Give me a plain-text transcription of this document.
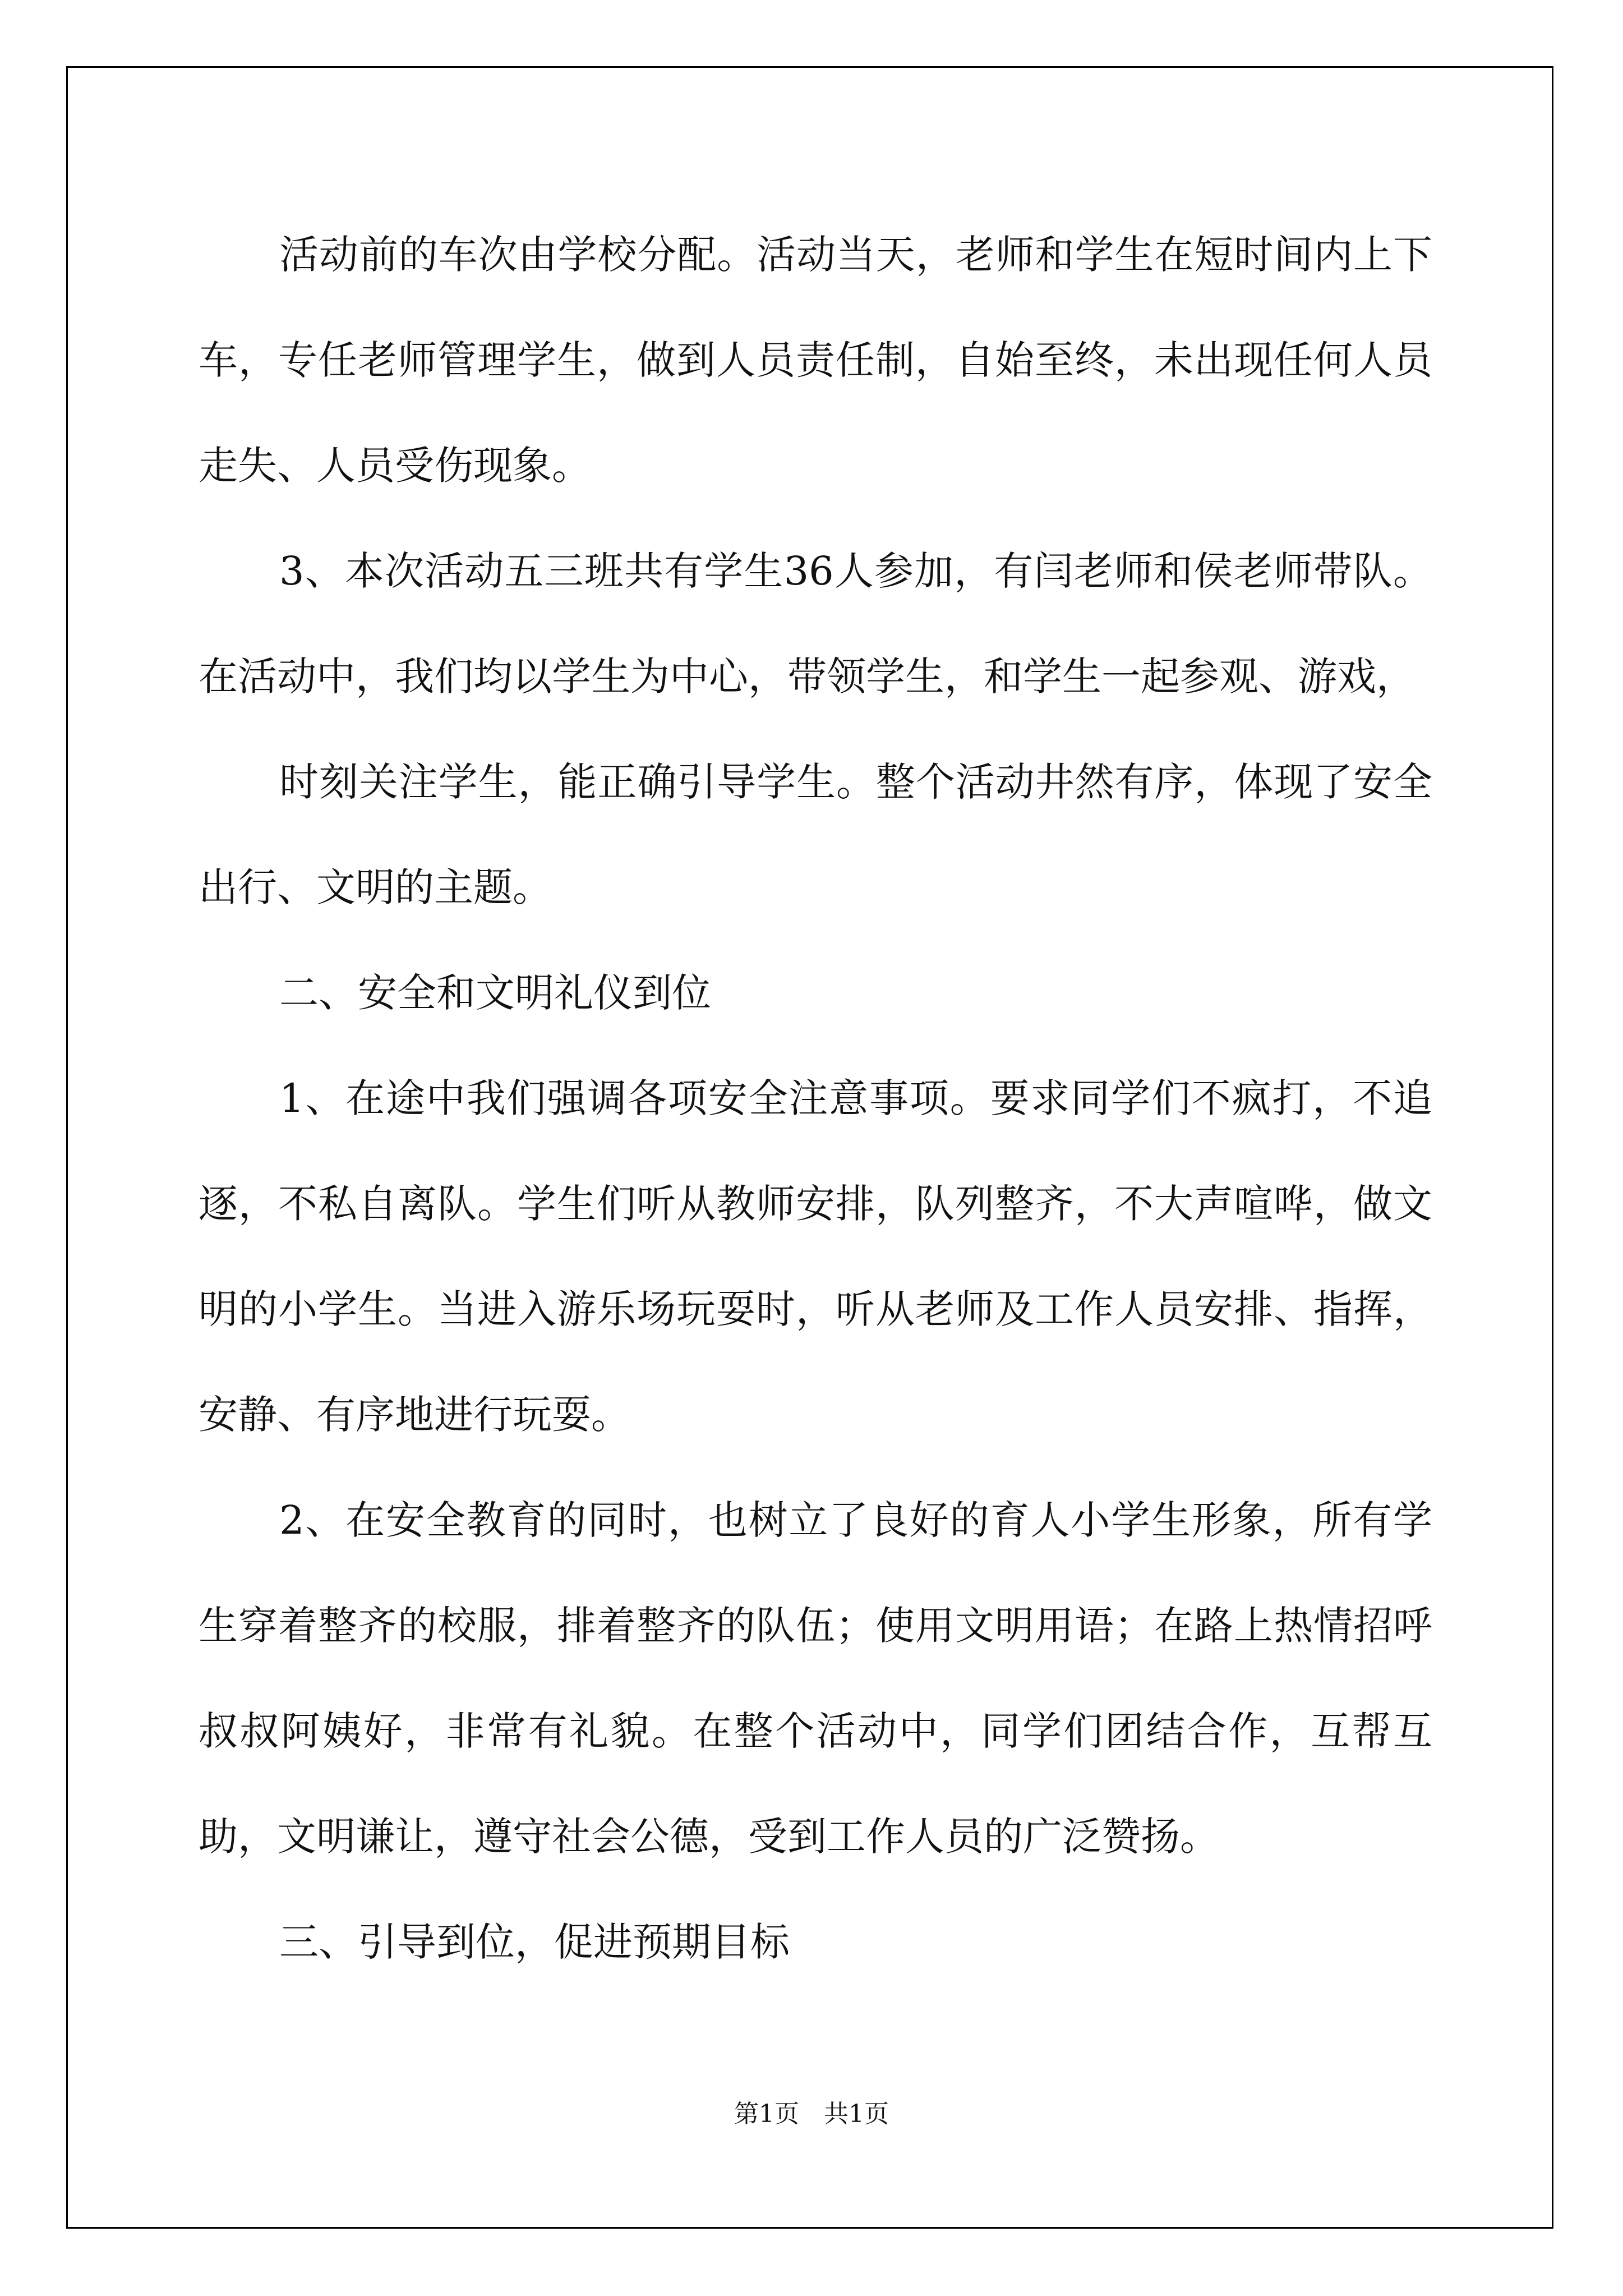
活动前的车次由学校分配。活动当天，老师和学生在短时间内上下车，专任老师管理学生，做到人员责任制，自始至终，未出现任何人员走失、人员受伤现象。

3、本次活动五三班共有学生36人参加，有闫老师和侯老师带队。在活动中，我们均以学生为中心，带领学生，和学生一起参观、游戏，

时刻关注学生，能正确引导学生。整个活动井然有序，体现了安全出行、文明的主题。

二、安全和文明礼仪到位

1、在途中我们强调各项安全注意事项。要求同学们不疯打，不追逐，不私自离队。学生们听从教师安排，队列整齐，不大声喧哗，做文明的小学生。当进入游乐场玩耍时，听从老师及工作人员安排、指挥，安静、有序地进行玩耍。

2、在安全教育的同时，也树立了良好的育人小学生形象，所有学生穿着整齐的校服，排着整齐的队伍；使用文明用语；在路上热情招呼叔叔阿姨好，非常有礼貌。在整个活动中，同学们团结合作，互帮互助，文明谦让，遵守社会公德，受到工作人员的广泛赞扬。

三、引导到位，促进预期目标

第1页　共1页
